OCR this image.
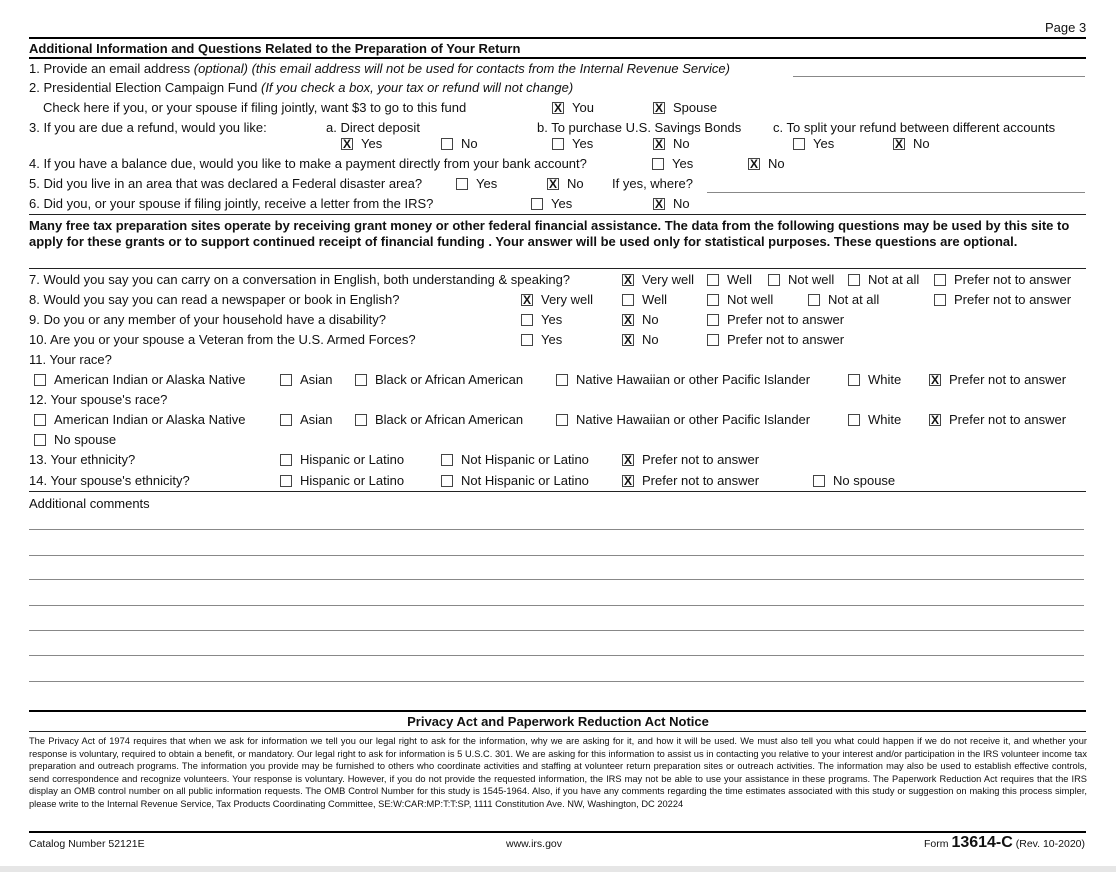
Page 3
Additional Information and Questions Related to the Preparation of Your Return
1. Provide an email address (optional) (this email address will not be used for contacts from the Internal Revenue Service)
2. Presidential Election Campaign Fund (If you check a box, your tax or refund will not change)
Check here if you, or your spouse if filing jointly, want $3 to go to this fund X	You X	Spouse
3. If you are due a refund, would you like:	a. Direct deposit	b. To purchase U.S. Savings Bonds c. To split your refund between different accounts
X
Yes	No	Yes X	No	Yes X	No
4. If you have a balance due, would you like to make a payment directly from your bank account?	Yes X	No
5. Did you live in an area that was declared a Federal disaster area?	Yes X	No If yes, where?
6. Did you, or your spouse if filing jointly, receive a letter from the IRS?	Yes X	No
Many free tax preparation sites operate by receiving grant money or other federal financial assistance. The data from the following questions may be used by this site to apply for these grants or to support continued receipt of financial funding . Your answer will be used only for statistical purposes. These questions are optional.
7. Would you say you can carry on a conversation in English, both understanding & speaking? X	Very well	Well	Not well	Not at all	Prefer not to answer
8. Would you say you can read a newspaper or book in English? X	Very well	Well	Not well	Not at all	Prefer not to answer
9. Do you or any member of your household have a disability?	Yes X	No	Prefer not to answer
10. Are you or your spouse a Veteran from the U.S. Armed Forces?	Yes X	No	Prefer not to answer
11. Your race?
American Indian or Alaska Native	Asian	Black or African American	Native Hawaiian or other Pacific Islander	White X	Prefer not to answer
12. Your spouse's race?
American Indian or Alaska Native	Asian	Black or African American	Native Hawaiian or other Pacific Islander	White X	Prefer not to answer
No spouse
13. Your ethnicity?	Hispanic or Latino	Not Hispanic or Latino X	Prefer not to answer
14. Your spouse's ethnicity?	Hispanic or Latino	Not Hispanic or Latino X	Prefer not to answer	No spouse
Additional comments
Privacy Act and Paperwork Reduction Act Notice
The Privacy Act of 1974 requires that when we ask for information we tell you our legal right to ask for the information, why we are asking for it, and how it will be used. We must also tell you what could happen if we do not receive it, and whether your response is voluntary, required to obtain a benefit, or mandatory. Our legal right to ask for information is 5 U.S.C. 301. We are asking for this information to assist us in contacting you relative to your interest and/or participation in the IRS volunteer income tax preparation and outreach programs. The information you provide may be furnished to others who coordinate activities and staffing at volunteer return preparation sites or outreach activities. The information may also be used to establish effective controls, send correspondence and recognize volunteers. Your response is voluntary. However, if you do not provide the requested information, the IRS may not be able to use your assistance in these programs. The Paperwork Reduction Act requires that the IRS display an OMB control number on all public information requests. The OMB Control Number for this study is 1545-1964. Also, if you have any comments regarding the time estimates associated with this study or suggestion on making this process simpler, please write to the Internal Revenue Service, Tax Products Coordinating Committee, SE:W:CAR:MP:T:T:SP, 1111 Constitution Ave. NW, Washington, DC 20224
Catalog Number 52121E	www.irs.gov	Form 13614-C (Rev. 10-2020)
